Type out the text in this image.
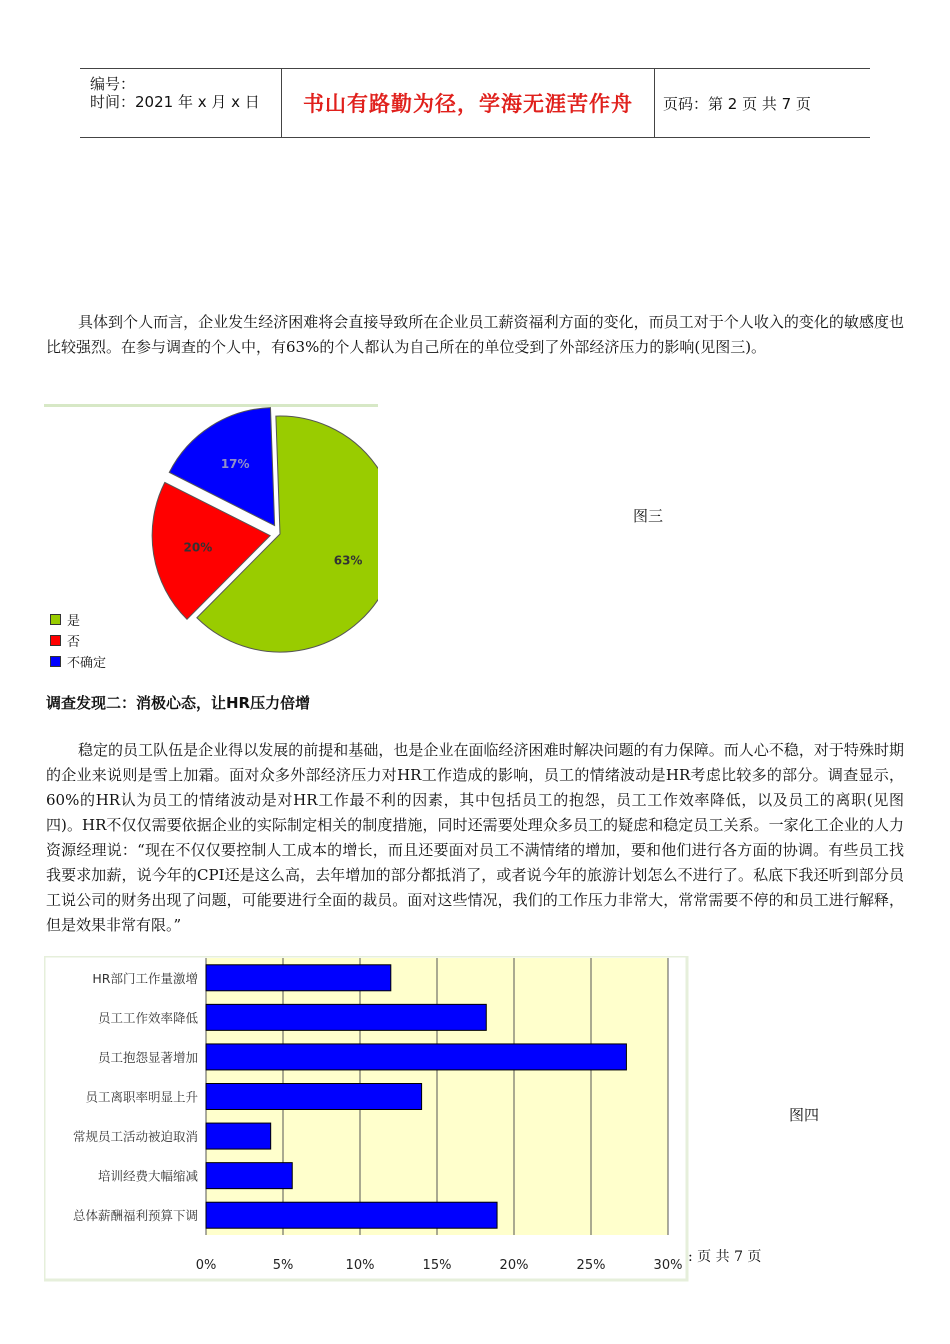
编号：
时间：2021 年 x 月 x 日	书山有路勤为径，学海无涯苦作舟	页码：第 2 页 共 7 页

具体到个人而言，企业发生经济困难将会直接导致所在企业员工薪资福利方面的变化，而员工对于个人收入的变化的敏感度也比较强烈。在参与调查的个人中，有63%的个人都认为自己所在的单位受到了外部经济压力的影响(见图三)。

63%
20%
17%
是
否
不确定
图三
调查发现二：消极心态，让HR压力倍增

稳定的员工队伍是企业得以发展的前提和基础，也是企业在面临经济困难时解决问题的有力保障。而人心不稳，对于特殊时期的企业来说则是雪上加霜。面对众多外部经济压力对HR工作造成的影响，员工的情绪波动是HR考虑比较多的部分。调查显示，60%的HR认为员工的情绪波动是对HR工作最不利的因素，其中包括员工的抱怨，员工工作效率降低，以及员工的离职(见图四)。HR不仅仅需要依据企业的实际制定相关的制度措施，同时还需要处理众多员工的疑虑和稳定员工关系。一家化工企业的人力资源经理说：“现在不仅仅要控制人工成本的增长，而且还要面对员工不满情绪的增加，要和他们进行各方面的协调。有些员工找我要求加薪，说今年的CPI还是这么高，去年增加的部分都抵消了，或者说今年的旅游计划怎么不进行了。私底下我还听到部分员工说公司的财务出现了问题，可能要进行全面的裁员。面对这些情况，我们的工作压力非常大，常常需要不停的和员工进行解释，但是效果非常有限。”

0%	5%	10%	15%	20%	25%	30%
HR部门工作量激增
员工工作效率降低
员工抱怨显著增加
员工离职率明显上升
常规员工活动被迫取消
培训经费大幅缩减
总体薪酬福利预算下调
图四
: 页 共 7 页
